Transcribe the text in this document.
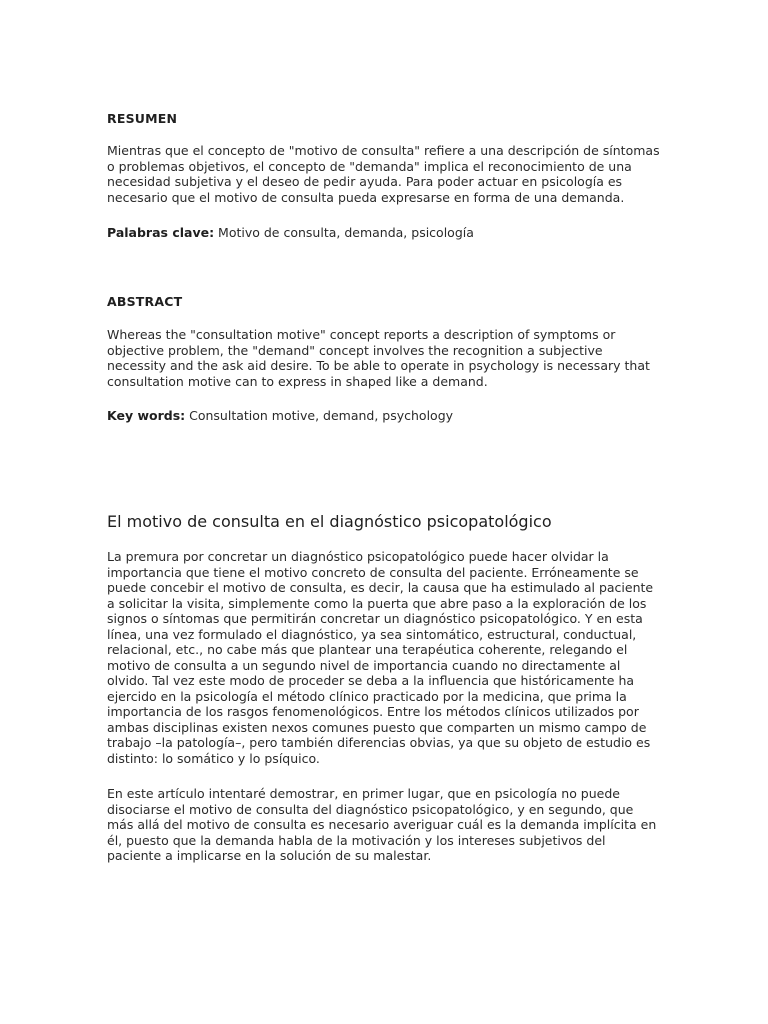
RESUMEN

Mientras que el concepto de "motivo de consulta" refiere a una descripción de síntomas
o problemas objetivos, el concepto de "demanda" implica el reconocimiento de una
necesidad subjetiva y el deseo de pedir ayuda. Para poder actuar en psicología es
necesario que el motivo de consulta pueda expresarse en forma de una demanda.

Palabras clave: Motivo de consulta, demanda, psicología

ABSTRACT

Whereas the "consultation motive" concept reports a description of symptoms or
objective problem, the "demand" concept involves the recognition a subjective
necessity and the ask aid desire. To be able to operate in psychology is necessary that
consultation motive can to express in shaped like a demand.

Key words: Consultation motive, demand, psychology

El motivo de consulta en el diagnóstico psicopatológico

La premura por concretar un diagnóstico psicopatológico puede hacer olvidar la
importancia que tiene el motivo concreto de consulta del paciente. Erróneamente se
puede concebir el motivo de consulta, es decir, la causa que ha estimulado al paciente
a solicitar la visita, simplemente como la puerta que abre paso a la exploración de los
signos o síntomas que permitirán concretar un diagnóstico psicopatológico. Y en esta
línea, una vez formulado el diagnóstico, ya sea sintomático, estructural, conductual,
relacional, etc., no cabe más que plantear una terapéutica coherente, relegando el
motivo de consulta a un segundo nivel de importancia cuando no directamente al
olvido. Tal vez este modo de proceder se deba a la influencia que históricamente ha
ejercido en la psicología el método clínico practicado por la medicina, que prima la
importancia de los rasgos fenomenológicos. Entre los métodos clínicos utilizados por
ambas disciplinas existen nexos comunes puesto que comparten un mismo campo de
trabajo –la patología–, pero también diferencias obvias, ya que su objeto de estudio es
distinto: lo somático y lo psíquico.

En este artículo intentaré demostrar, en primer lugar, que en psicología no puede
disociarse el motivo de consulta del diagnóstico psicopatológico, y en segundo, que
más allá del motivo de consulta es necesario averiguar cuál es la demanda implícita en
él, puesto que la demanda habla de la motivación y los intereses subjetivos del
paciente a implicarse en la solución de su malestar.
